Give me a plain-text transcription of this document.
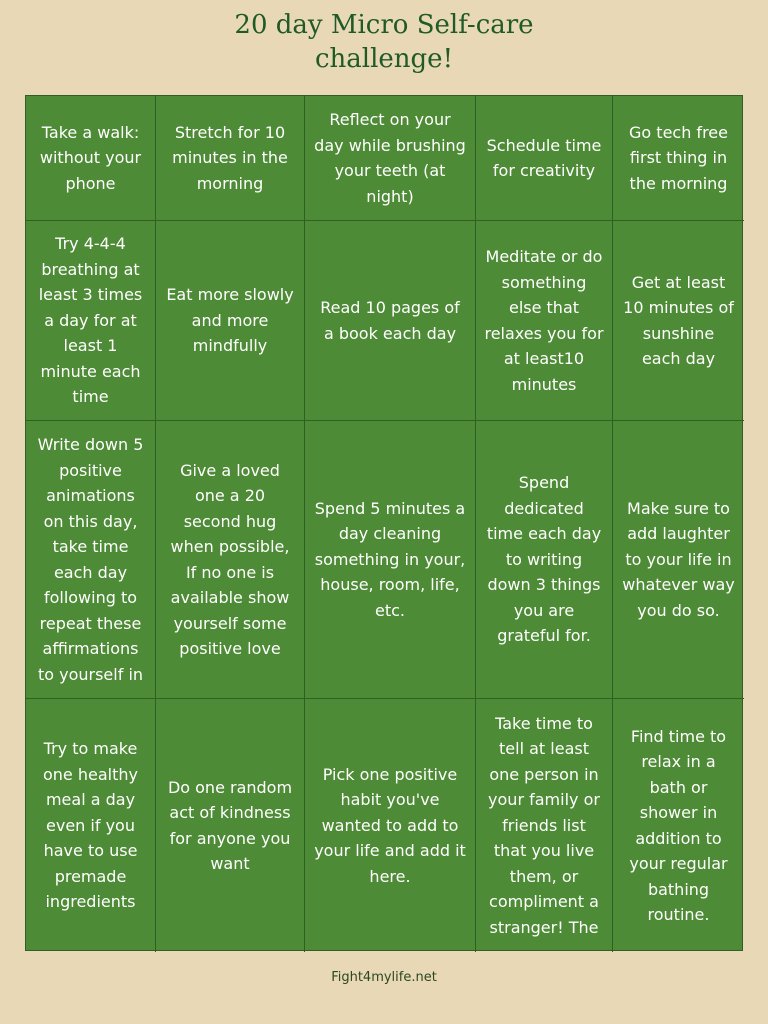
20 day Micro Self-care
challenge!
Take a walk: without your phone
Stretch for 10 minutes in the morning
Reflect on your day while brushing your teeth (at night)
Schedule time for creativity
Go tech free first thing in the morning
Try 4-4-4 breathing at least 3 times a day for at least 1 minute each time
Eat more slowly and more mindfully
Read 10 pages of a book each day
Meditate or do something else that relaxes you for at least10 minutes
Get at least 10 minutes of sunshine each day
Write down 5 positive animations on this day, take time each day following to repeat these affirmations to yourself in
Give a loved one a 20 second hug when possible, If no one is available show yourself some positive love
Spend 5 minutes a day cleaning something in your, house, room, life, etc.
Spend dedicated time each day to writing down 3 things you are grateful for.
Make sure to add laughter to your life in whatever way you do so.
Try to make one healthy meal a day even if you have to use premade ingredients
Do one random act of kindness for anyone you want
Pick one positive habit you've wanted to add to your life and add it here.
Take time to tell at least one person in your family or friends list that you live them, or compliment a stranger! The
Find time to relax in a bath or shower in addition to your regular bathing routine.
Fight4mylife.net
